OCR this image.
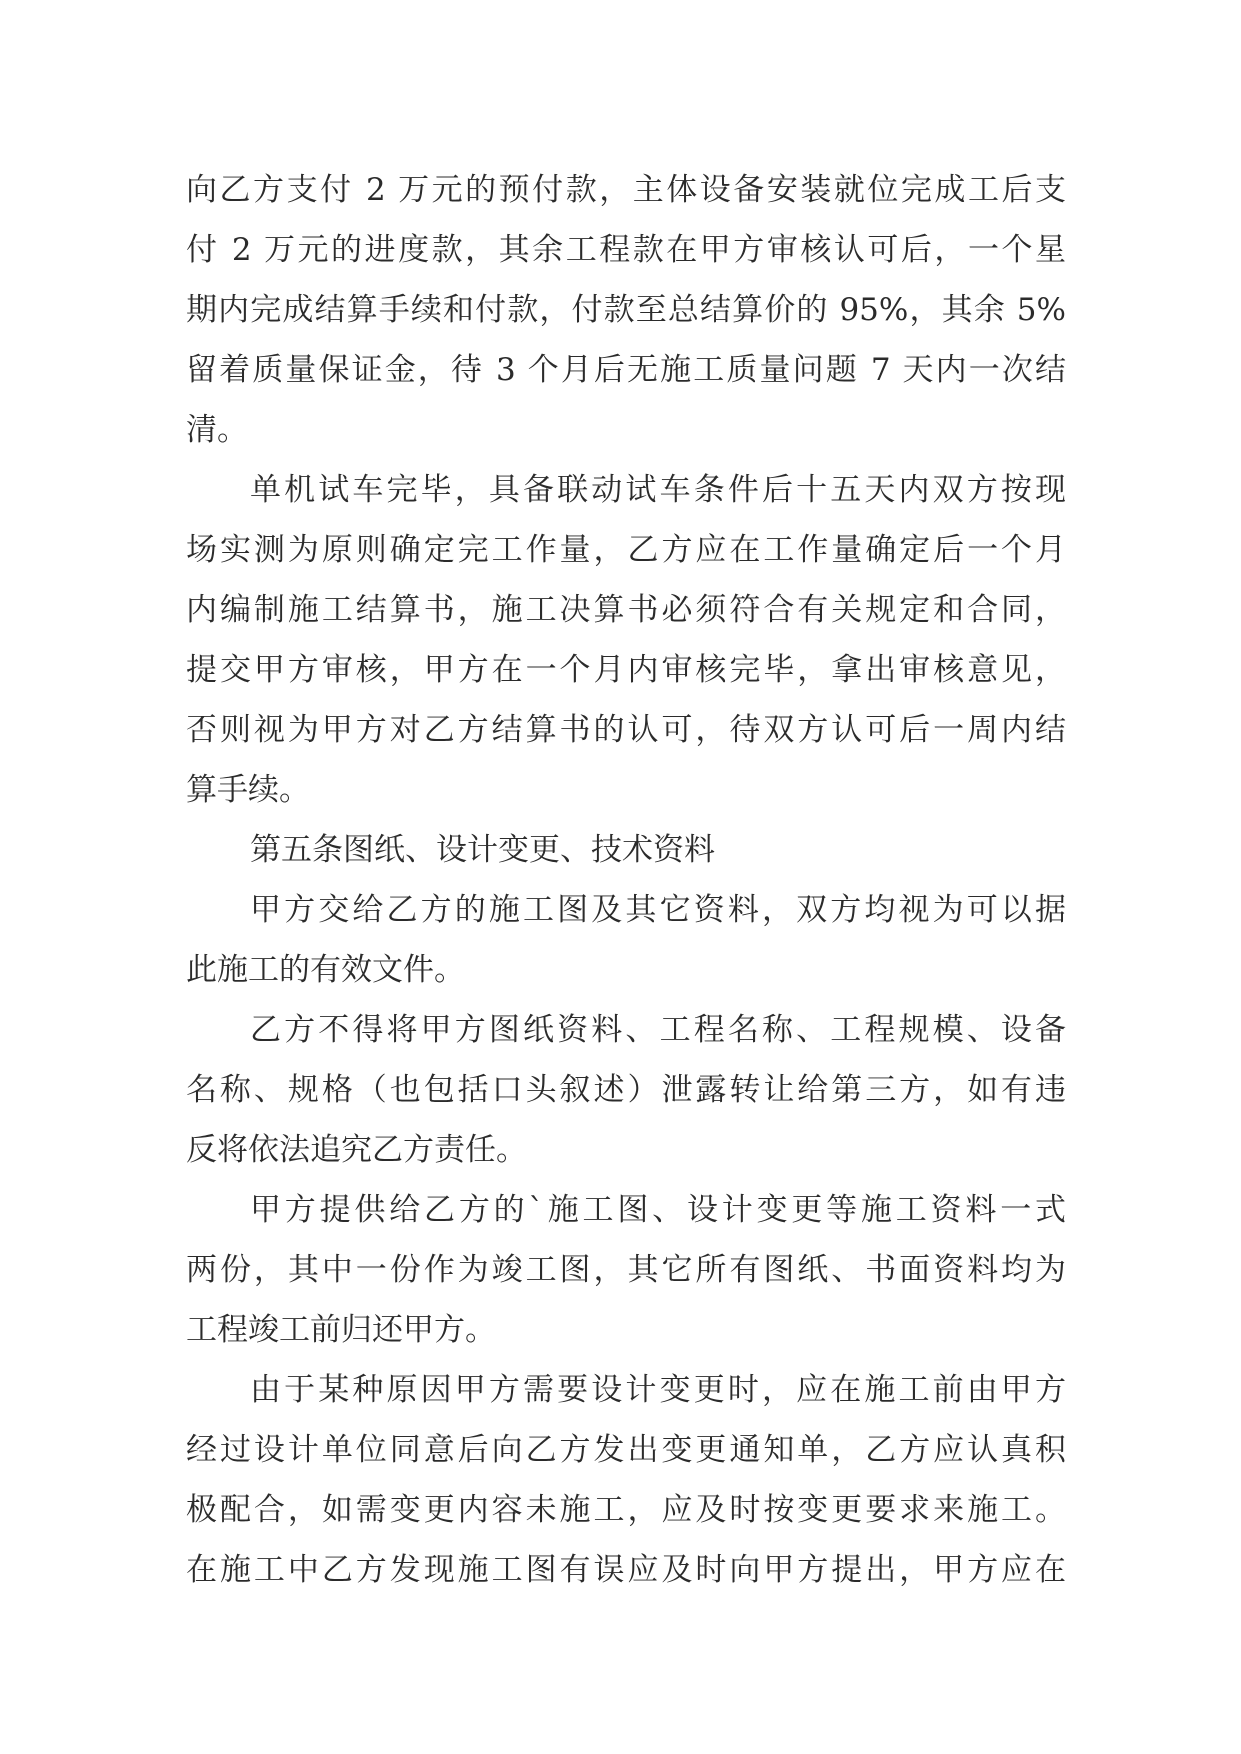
向乙方支付 2 万元的预付款，主体设备安装就位完成工后支
付 2 万元的进度款，其余工程款在甲方审核认可后，一个星
期内完成结算手续和付款，付款至总结算价的 95%，其余 5%
留着质量保证金，待 3 个月后无施工质量问题 7 天内一次结
清。
单机试车完毕，具备联动试车条件后十五天内双方按现
场实测为原则确定完工作量，乙方应在工作量确定后一个月
内编制施工结算书，施工决算书必须符合有关规定和合同，
提交甲方审核，甲方在一个月内审核完毕，拿出审核意见，
否则视为甲方对乙方结算书的认可，待双方认可后一周内结
算手续。
第五条图纸、设计变更、技术资料
甲方交给乙方的施工图及其它资料，双方均视为可以据
此施工的有效文件。
乙方不得将甲方图纸资料、工程名称、工程规模、设备
名称、规格（也包括口头叙述）泄露转让给第三方，如有违
反将依法追究乙方责任。
甲方提供给乙方的`施工图、设计变更等施工资料一式
两份，其中一份作为竣工图，其它所有图纸、书面资料均为
工程竣工前归还甲方。
由于某种原因甲方需要设计变更时，应在施工前由甲方
经过设计单位同意后向乙方发出变更通知单，乙方应认真积
极配合，如需变更内容未施工，应及时按变更要求来施工。
在施工中乙方发现施工图有误应及时向甲方提出，甲方应在
